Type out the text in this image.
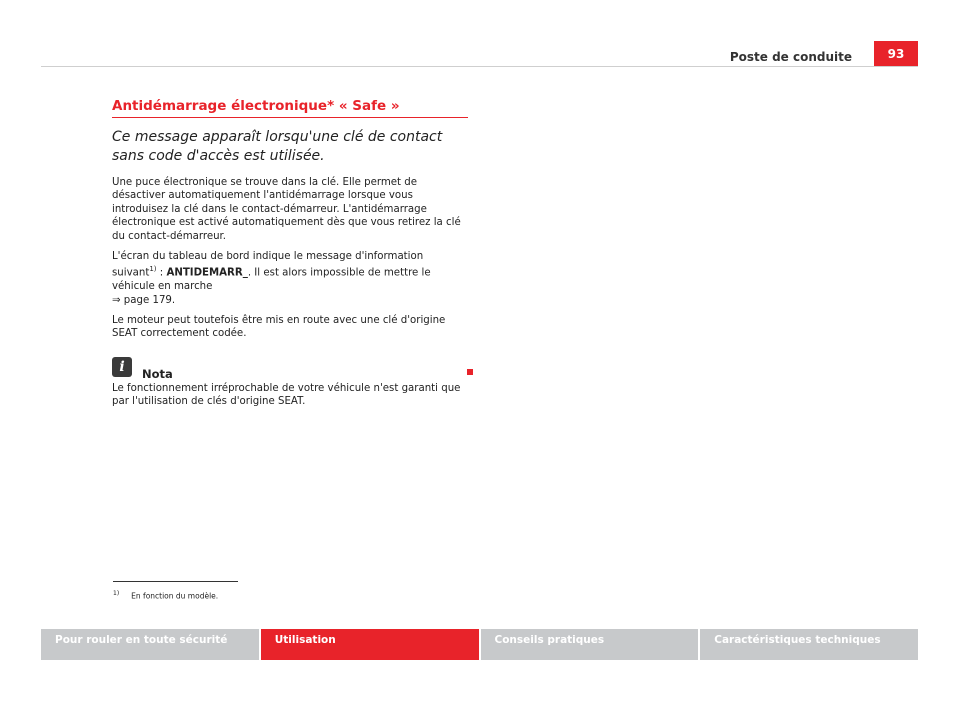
Poste de conduite	93
Antidémarrage électronique* « Safe »

Ce message apparaît lorsqu'une clé de contact sans code d'accès est utilisée.

Une puce électronique se trouve dans la clé. Elle permet de désactiver automatiquement l'antidémarrage lorsque vous introduisez la clé dans le contact-démarreur. L'antidémarrage électronique est activé automatiquement dès que vous retirez la clé du contact-démarreur.

L'écran du tableau de bord indique le message d'information suivant$^{1)}$ : ANTIDEMARR_. Il est alors impossible de mettre le véhicule en marche
⇒ page 179.

Le moteur peut toutefois être mis en route avec une clé d'origine SEAT correctement codée.

i	Nota
Le fonctionnement irréprochable de votre véhicule n'est garanti que par l'utilisation de clés d'origine SEAT.
$^{1)}$ En fonction du modèle.
Pour rouler en toute sécurité	Utilisation	Conseils pratiques	Caractéristiques techniques
